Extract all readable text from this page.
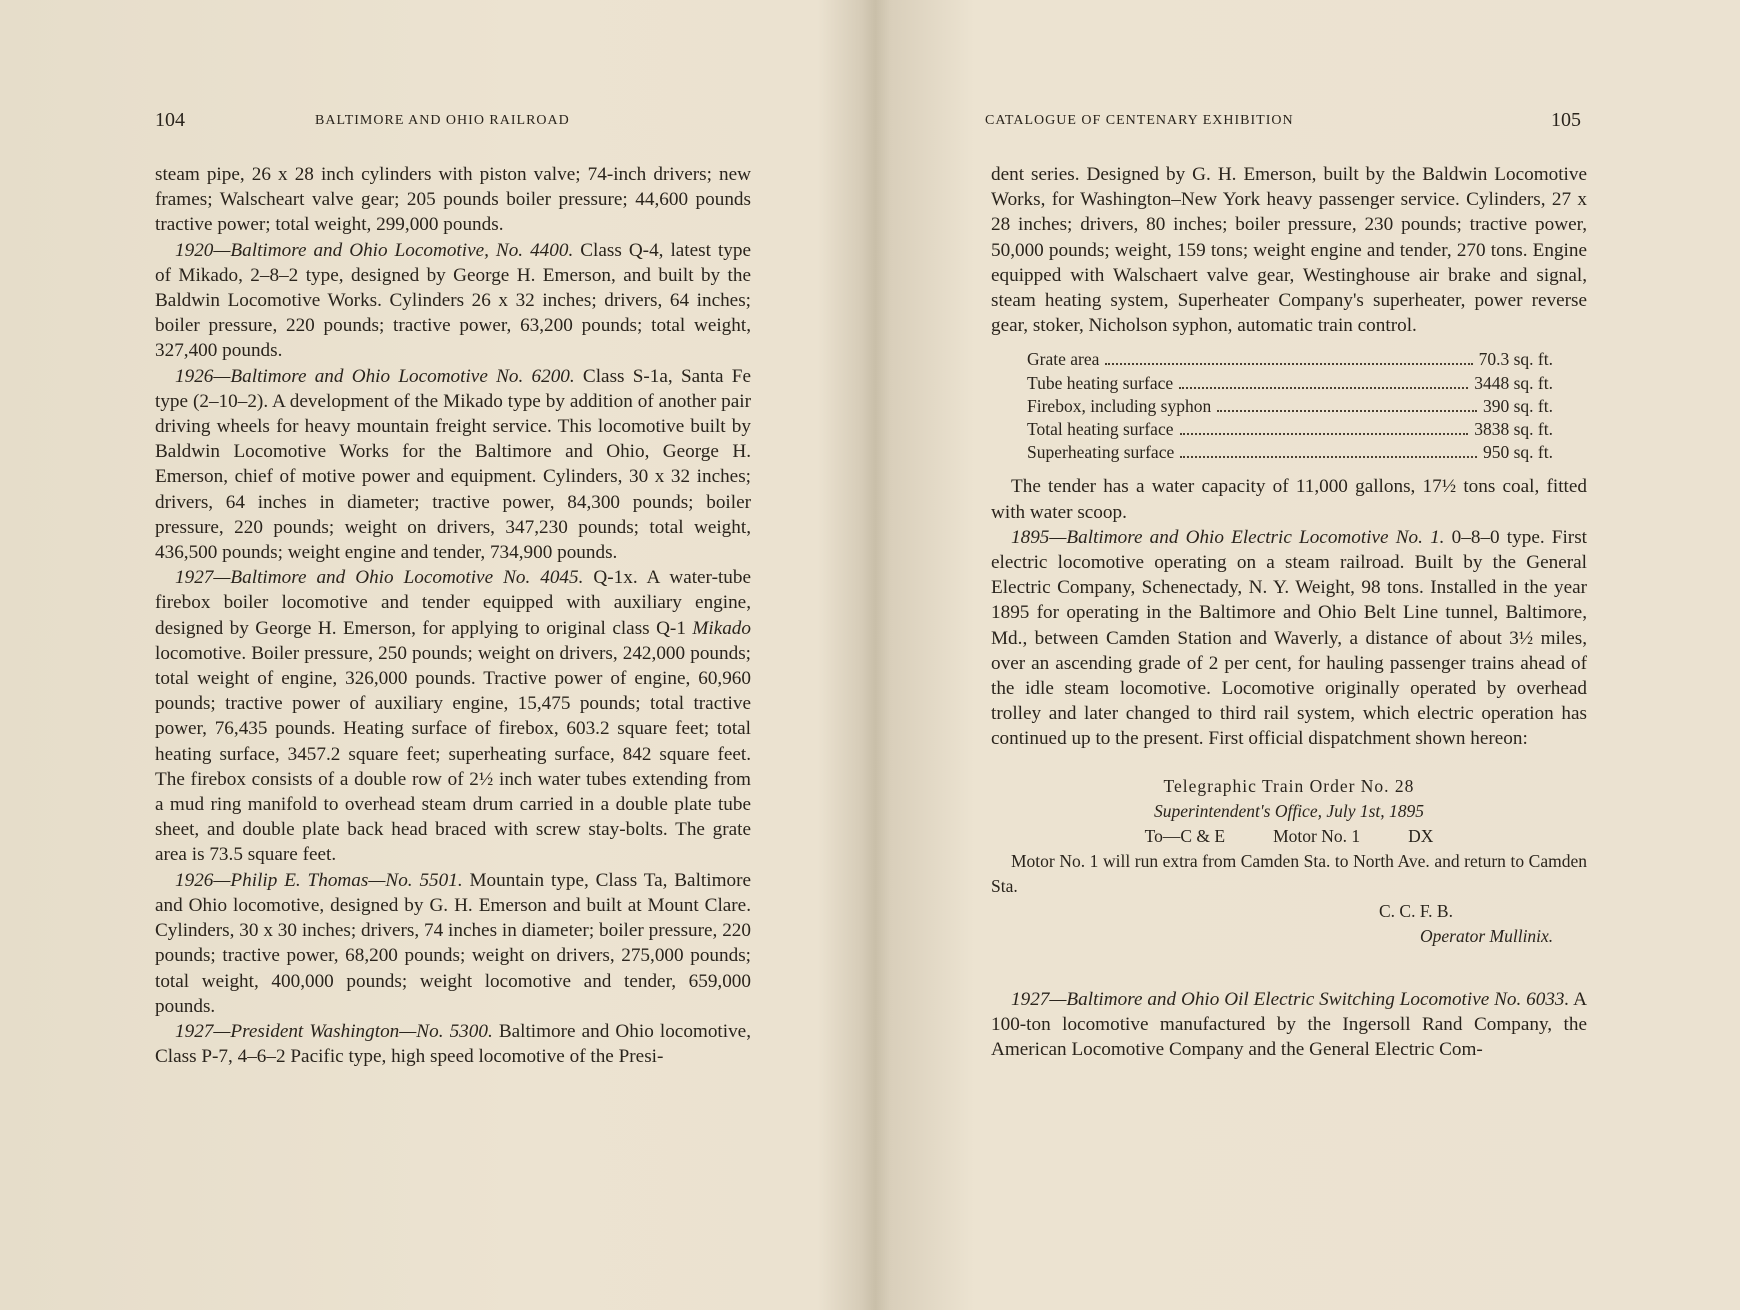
104	BALTIMORE AND OHIO RAILROAD

steam pipe, 26 x 28 inch cylinders with piston valve; 74-inch drivers; new frames; Walscheart valve gear; 205 pounds boiler pressure; 44,600 pounds tractive power; total weight, 299,000 pounds.

1920—Baltimore and Ohio Locomotive, No. 4400. Class Q-4, latest type of Mikado, 2–8–2 type, designed by George H. Emerson, and built by the Baldwin Locomotive Works. Cylinders 26 x 32 inches; drivers, 64 inches; boiler pressure, 220 pounds; tractive power, 63,200 pounds; total weight, 327,400 pounds.

1926—Baltimore and Ohio Locomotive No. 6200. Class S-1a, Santa Fe type (2–10–2). A development of the Mikado type by addition of another pair driving wheels for heavy mountain freight service. This locomotive built by Baldwin Locomotive Works for the Baltimore and Ohio, George H. Emerson, chief of motive power and equipment. Cylinders, 30 x 32 inches; drivers, 64 inches in diameter; tractive power, 84,300 pounds; boiler pressure, 220 pounds; weight on drivers, 347,230 pounds; total weight, 436,500 pounds; weight engine and tender, 734,900 pounds.

1927—Baltimore and Ohio Locomotive No. 4045. Q-1x. A water-tube firebox boiler locomotive and tender equipped with auxiliary engine, designed by George H. Emerson, for applying to original class Q-1 Mikado locomotive. Boiler pressure, 250 pounds; weight on drivers, 242,000 pounds; total weight of engine, 326,000 pounds. Tractive power of engine, 60,960 pounds; tractive power of auxiliary engine, 15,475 pounds; total tractive power, 76,435 pounds. Heating surface of firebox, 603.2 square feet; total heating surface, 3457.2 square feet; superheating surface, 842 square feet. The firebox consists of a double row of 2½ inch water tubes extending from a mud ring manifold to overhead steam drum carried in a double plate tube sheet, and double plate back head braced with screw stay-bolts. The grate area is 73.5 square feet.

1926—Philip E. Thomas—No. 5501. Mountain type, Class Ta, Baltimore and Ohio locomotive, designed by G. H. Emerson and built at Mount Clare. Cylinders, 30 x 30 inches; drivers, 74 inches in diameter; boiler pressure, 220 pounds; tractive power, 68,200 pounds; weight on drivers, 275,000 pounds; total weight, 400,000 pounds; weight locomotive and tender, 659,000 pounds.

1927—President Washington—No. 5300. Baltimore and Ohio locomotive, Class P-7, 4–6–2 Pacific type, high speed locomotive of the Presi-

CATALOGUE OF CENTENARY EXHIBITION	105

dent series. Designed by G. H. Emerson, built by the Baldwin Locomotive Works, for Washington–New York heavy passenger service. Cylinders, 27 x 28 inches; drivers, 80 inches; boiler pressure, 230 pounds; tractive power, 50,000 pounds; weight, 159 tons; weight engine and tender, 270 tons. Engine equipped with Walschaert valve gear, Westinghouse air brake and signal, steam heating system, Superheater Company's superheater, power reverse gear, stoker, Nicholson syphon, automatic train control.

Grate area	70.3 sq. ft.
Tube heating surface	3448 sq. ft.
Firebox, including syphon	390 sq. ft.
Total heating surface	3838 sq. ft.
Superheating surface	950 sq. ft.

The tender has a water capacity of 11,000 gallons, 17½ tons coal, fitted with water scoop.

1895—Baltimore and Ohio Electric Locomotive No. 1. 0–8–0 type. First electric locomotive operating on a steam railroad. Built by the General Electric Company, Schenectady, N. Y. Weight, 98 tons. Installed in the year 1895 for operating in the Baltimore and Ohio Belt Line tunnel, Baltimore, Md., between Camden Station and Waverly, a distance of about 3½ miles, over an ascending grade of 2 per cent, for hauling passenger trains ahead of the idle steam locomotive. Locomotive originally operated by overhead trolley and later changed to third rail system, which electric operation has continued up to the present. First official dispatchment shown hereon:

Telegraphic Train Order No. 28
Superintendent's Office, July 1st, 1895
To—C & E	Motor No. 1	DX

Motor No. 1 will run extra from Camden Sta. to North Ave. and return to Camden Sta.

C. C. F. B.
Operator Mullinix.

1927—Baltimore and Ohio Oil Electric Switching Locomotive No. 6033. A 100-ton locomotive manufactured by the Ingersoll Rand Company, the American Locomotive Company and the General Electric Com-
